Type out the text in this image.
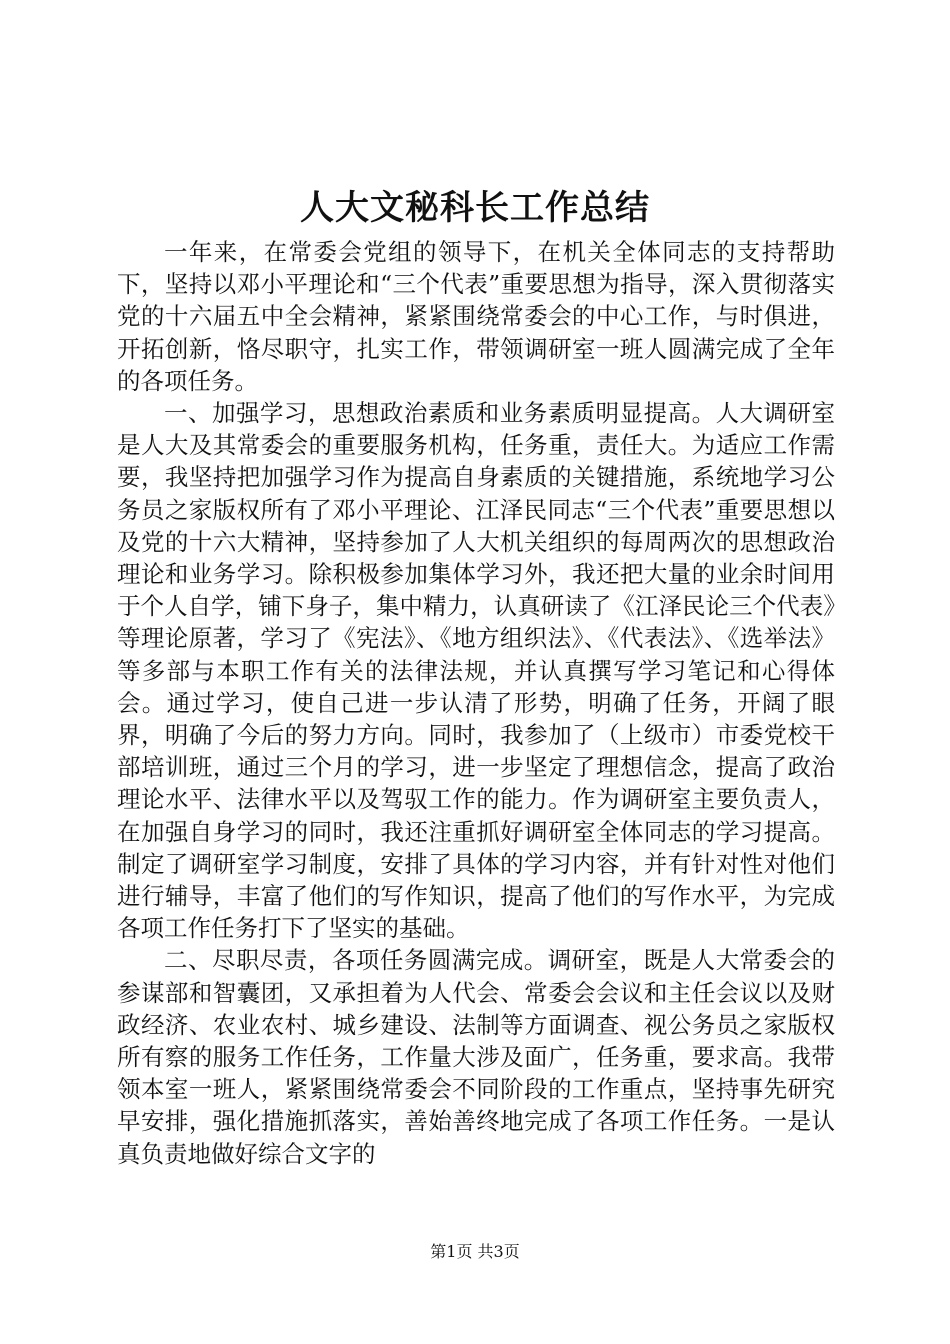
人大文秘科长工作总结

一年来，在常委会党组的领导下，在机关全体同志的支持帮助下，坚持以邓小平理论和“三个代表”重要思想为指导，深入贯彻落实党的十六届五中全会精神，紧紧围绕常委会的中心工作，与时俱进，开拓创新，恪尽职守，扎实工作，带领调研室一班人圆满完成了全年的各项任务。

一、加强学习，思想政治素质和业务素质明显提高。人大调研室是人大及其常委会的重要服务机构，任务重，责任大。为适应工作需要，我坚持把加强学习作为提高自身素质的关键措施，系统地学习公务员之家版权所有了邓小平理论、江泽民同志“三个代表”重要思想以及党的十六大精神，坚持参加了人大机关组织的每周两次的思想政治理论和业务学习。除积极参加集体学习外，我还把大量的业余时间用于个人自学，铺下身子，集中精力，认真研读了《江泽民论三个代表》等理论原著，学习了《宪法》、《地方组织法》、《代表法》、《选举法》等多部与本职工作有关的法律法规，并认真撰写学习笔记和心得体会。通过学习，使自己进一步认清了形势，明确了任务，开阔了眼界，明确了今后的努力方向。同时，我参加了（上级市）市委党校干部培训班，通过三个月的学习，进一步坚定了理想信念，提高了政治理论水平、法律水平以及驾驭工作的能力。作为调研室主要负责人，在加强自身学习的同时，我还注重抓好调研室全体同志的学习提高。制定了调研室学习制度，安排了具体的学习内容，并有针对性对他们进行辅导，丰富了他们的写作知识，提高了他们的写作水平，为完成各项工作任务打下了坚实的基础。

二、尽职尽责，各项任务圆满完成。调研室，既是人大常委会的参谋部和智囊团，又承担着为人代会、常委会会议和主任会议以及财政经济、农业农村、城乡建设、法制等方面调查、视公务员之家版权所有察的服务工作任务，工作量大涉及面广，任务重，要求高。我带领本室一班人，紧紧围绕常委会不同阶段的工作重点，坚持事先研究早安排，强化措施抓落实，善始善终地完成了各项工作任务。一是认真负责地做好综合文字的

第1页 共3页
